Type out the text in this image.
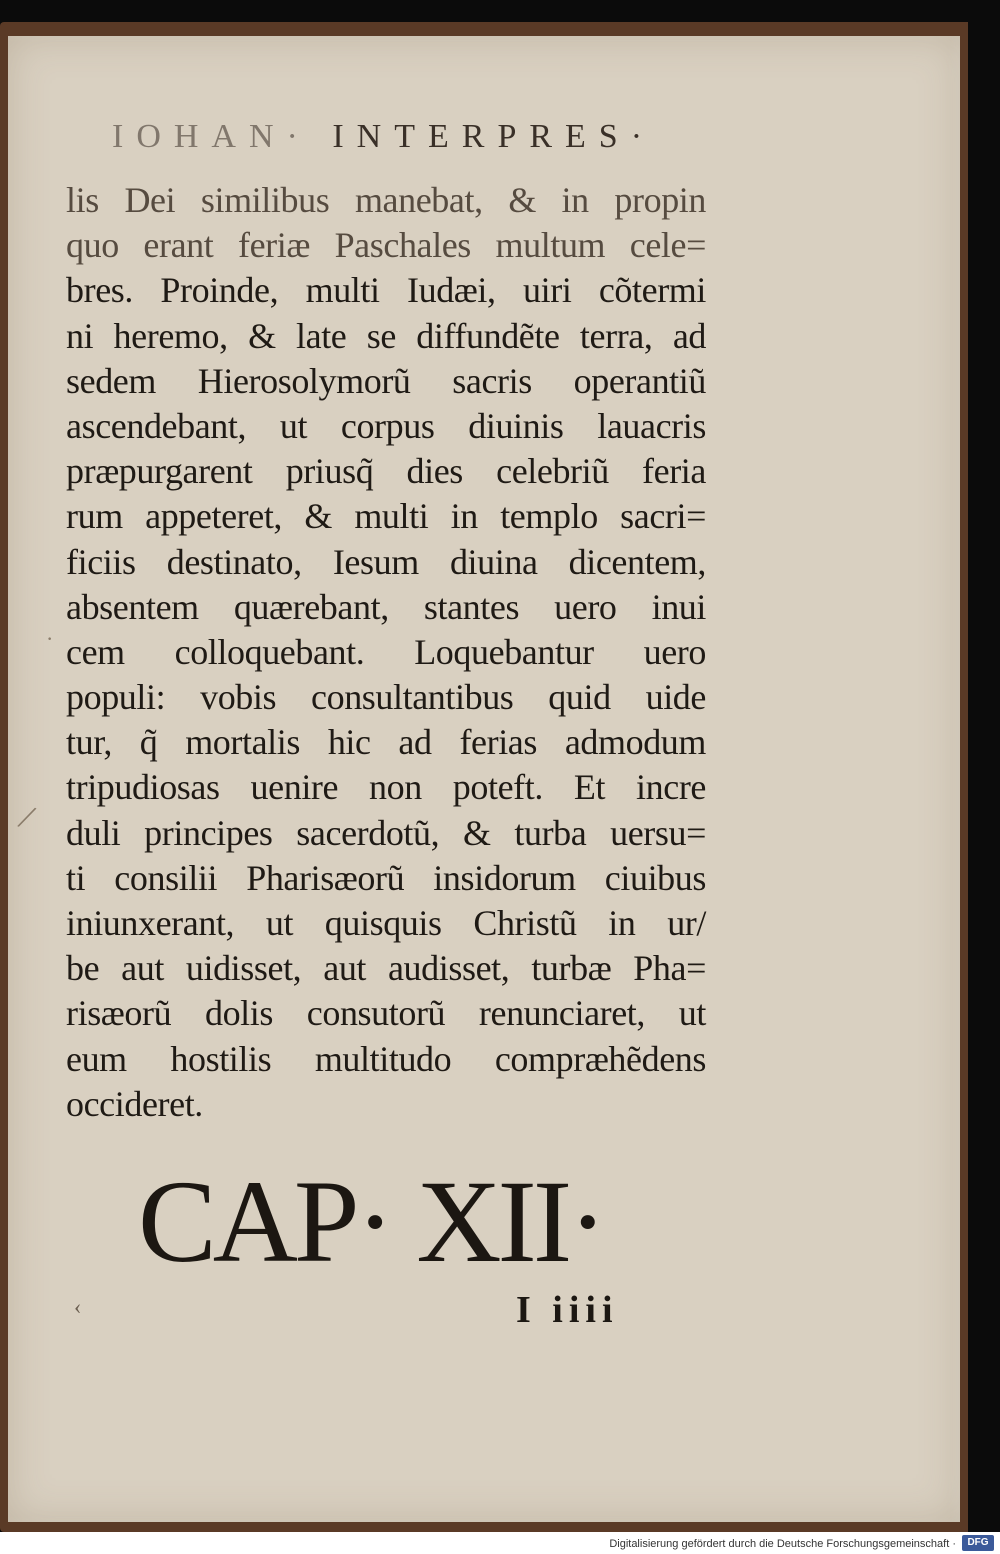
IOHAN· INTERPRES·
lis Dei similibus manebat, & in propin
quo erant feriæ Paschales multum cele=
bres. Proinde, multi Iudæi, uiri cõtermi
ni heremo, & late se diffundẽte terra, ad
sedem Hierosolymorũ sacris operantiũ
ascendebant, ut corpus diuinis lauacris
præpurgarent priusq̃ dies celebriũ feria
rum appeteret, & multi in templo sacri=
ficiis destinato, Iesum diuina dicentem,
absentem quærebant, stantes uero inui
cem colloquebant. Loquebantur uero
populi: vobis consultantibus quid uide
tur, q̃ mortalis hic ad ferias admodum
tripudiosas uenire non poteft. Et incre
duli principes sacerdotũ, & turba uersu=
ti consilii Pharisæorũ insidorum ciuibus
iniunxerant, ut quisquis Christũ in ur/
be aut uidisset, aut audisset, turbæ Pha=
risæorũ dolis consutorũ renunciaret, ut
eum hostilis multitudo compræhẽdens
occideret.
CAP· XII·
I iiii
/
·
‹
Digitalisierung gefördert durch die Deutsche Forschungsgemeinschaft ·	DFG
